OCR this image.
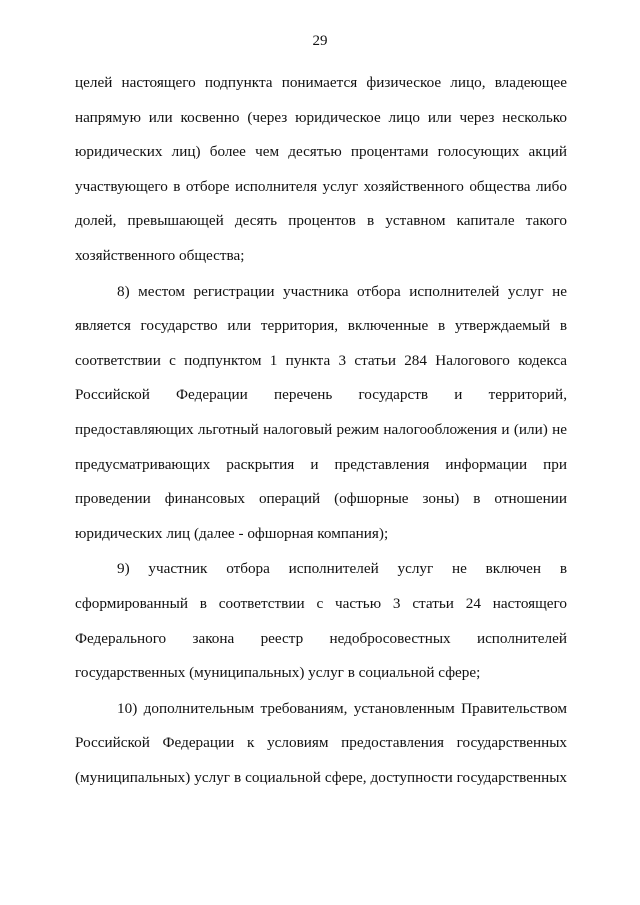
29
целей настоящего подпункта понимается физическое лицо, владеющее
напрямую или косвенно (через юридическое лицо или через несколько
юридических лиц) более чем десятью процентами голосующих акций
участвующего в отборе исполнителя услуг хозяйственного общества либо
долей, превышающей десять процентов в уставном капитале такого
хозяйственного общества;
8) местом регистрации участника отбора исполнителей услуг не
является государство или территория, включенные в утверждаемый в
соответствии с подпунктом 1 пункта 3 статьи 284 Налогового кодекса
Российской Федерации перечень государств и территорий,
предоставляющих льготный налоговый режим налогообложения и (или) не
предусматривающих раскрытия и представления информации при
проведении финансовых операций (офшорные зоны) в отношении
юридических лиц (далее - офшорная компания);
9) участник отбора исполнителей услуг не включен в
сформированный в соответствии с частью 3 статьи 24 настоящего
Федерального закона реестр недобросовестных исполнителей
государственных (муниципальных) услуг в социальной сфере;
10) дополнительным требованиям, установленным Правительством
Российской Федерации к условиям предоставления государственных
(муниципальных) услуг в социальной сфере, доступности государственных
